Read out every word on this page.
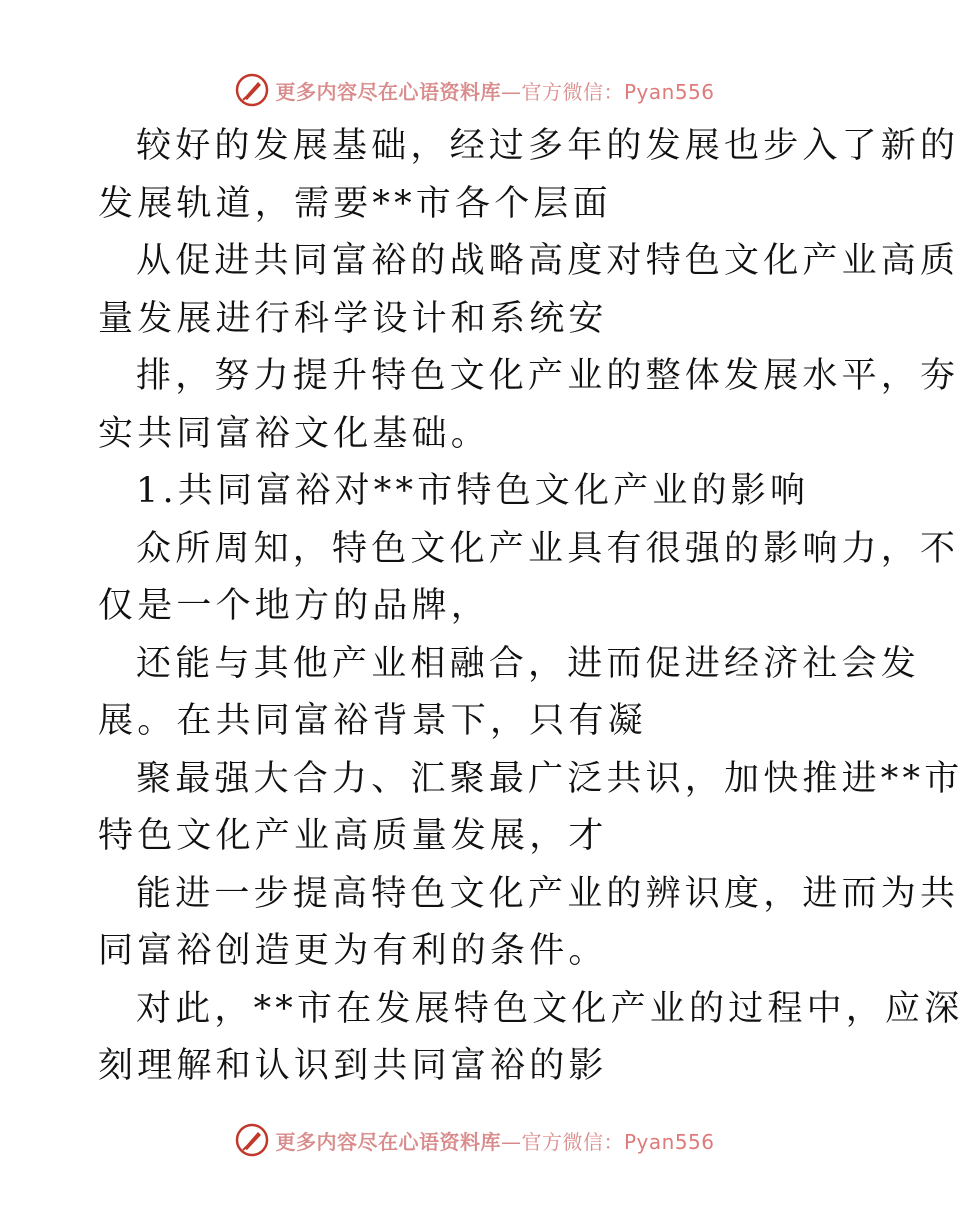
更多内容尽在心语资料库—官方微信：Pyan556
较好的发展基础，经过多年的发展也步入了新的
发展轨道，需要**市各个层面
从促进共同富裕的战略高度对特色文化产业高质
量发展进行科学设计和系统安
排，努力提升特色文化产业的整体发展水平，夯
实共同富裕文化基础。
1.共同富裕对**市特色文化产业的影响
众所周知，特色文化产业具有很强的影响力，不
仅是一个地方的品牌，
还能与其他产业相融合，进而促进经济社会发
展。在共同富裕背景下，只有凝
聚最强大合力、汇聚最广泛共识，加快推进**市
特色文化产业高质量发展，才
能进一步提高特色文化产业的辨识度，进而为共
同富裕创造更为有利的条件。
对此，**市在发展特色文化产业的过程中，应深
刻理解和认识到共同富裕的影
更多内容尽在心语资料库—官方微信：Pyan556
